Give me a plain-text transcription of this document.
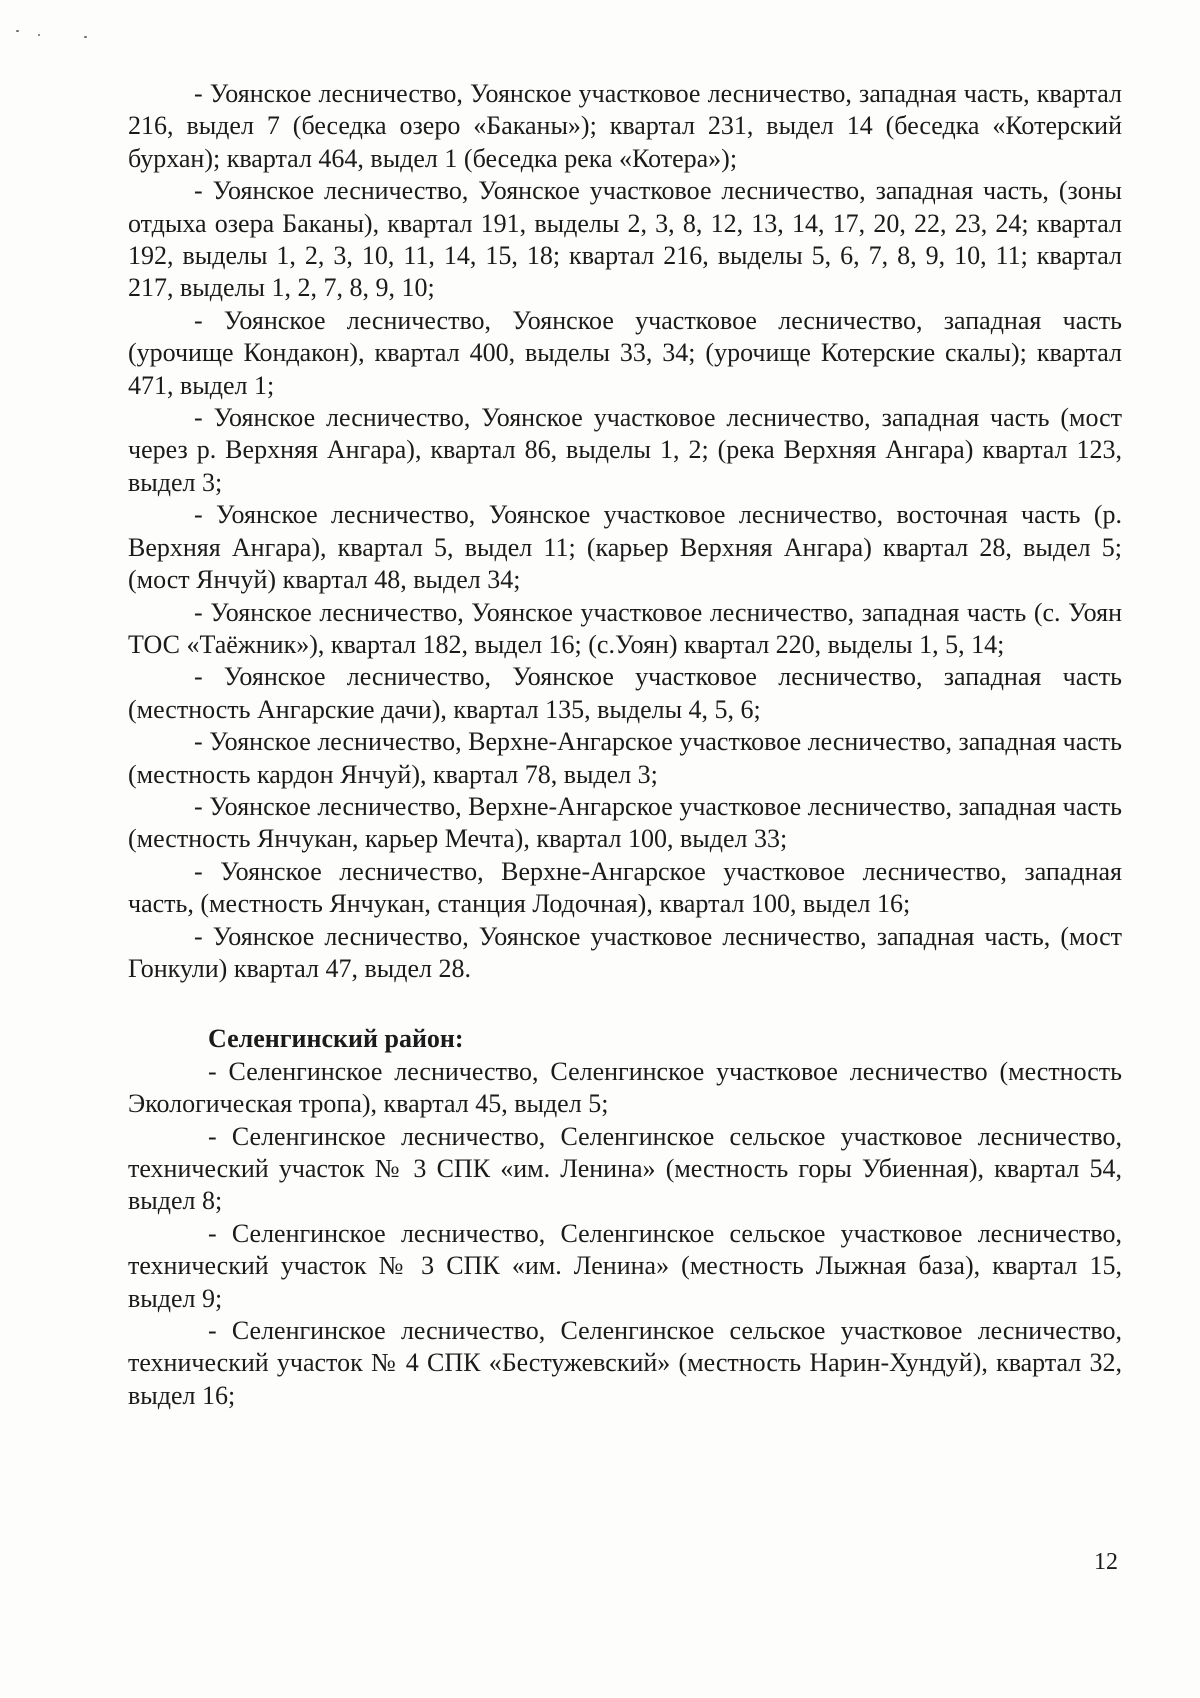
- Уоянское лесничество, Уоянское участковое лесничество, западная часть, квартал 216, выдел 7 (беседка озеро «Баканы»); квартал 231, выдел 14 (беседка «Котерский бурхан); квартал 464, выдел 1 (беседка река «Котера»);

- Уоянское лесничество, Уоянское участковое лесничество, западная часть, (зоны отдыха озера Баканы), квартал 191, выделы 2, 3, 8, 12, 13, 14, 17, 20, 22, 23, 24; квартал 192, выделы 1, 2, 3, 10, 11, 14, 15, 18; квартал 216, выделы 5, 6, 7, 8, 9, 10, 11; квартал 217, выделы 1, 2, 7, 8, 9, 10;

- Уоянское лесничество, Уоянское участковое лесничество, западная часть (урочище Кондакон), квартал 400, выделы 33, 34; (урочище Котерские скалы); квартал 471, выдел 1;

- Уоянское лесничество, Уоянское участковое лесничество, западная часть (мост через р. Верхняя Ангара), квартал 86, выделы 1, 2; (река Верхняя Ангара) квартал 123, выдел 3;

- Уоянское лесничество, Уоянское участковое лесничество, восточная часть (р. Верхняя Ангара), квартал 5, выдел 11; (карьер Верхняя Ангара) квартал 28, выдел 5; (мост Янчуй) квартал 48, выдел 34;

- Уоянское лесничество, Уоянское участковое лесничество, западная часть (с. Уоян ТОС «Таёжник»), квартал 182, выдел 16; (с.Уоян) квартал 220, выделы 1, 5, 14;

- Уоянское лесничество, Уоянское участковое лесничество, западная часть (местность Ангарские дачи), квартал 135, выделы 4, 5, 6;

- Уоянское лесничество, Верхне-Ангарское участковое лесничество, западная часть (местность кардон Янчуй), квартал 78, выдел 3;

- Уоянское лесничество, Верхне-Ангарское участковое лесничество, западная часть (местность Янчукан, карьер Мечта), квартал 100, выдел 33;

- Уоянское лесничество, Верхне-Ангарское участковое лесничество, западная часть, (местность Янчукан, станция Лодочная), квартал 100, выдел 16;

- Уоянское лесничество, Уоянское участковое лесничество, западная часть, (мост Гонкули) квартал 47, выдел 28.

Селенгинский район:

- Селенгинское лесничество, Селенгинское участковое лесничество (местность Экологическая тропа), квартал 45, выдел 5;

- Селенгинское лесничество, Селенгинское сельское участковое лесничество, технический участок № 3 СПК «им. Ленина» (местность горы Убиенная), квартал 54, выдел 8;

- Селенгинское лесничество, Селенгинское сельское участковое лесничество, технический участок № 3 СПК «им. Ленина» (местность Лыжная база), квартал 15, выдел 9;

- Селенгинское лесничество, Селенгинское сельское участковое лесничество, технический участок № 4 СПК «Бестужевский» (местность Нарин-Хундуй), квартал 32, выдел 16;

12
